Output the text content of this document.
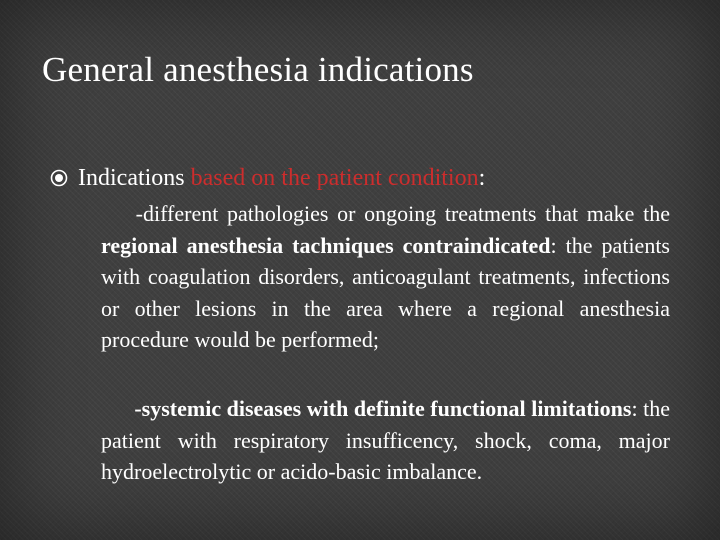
General anesthesia indications
Indications based on the patient condition:

-different pathologies or ongoing treatments that make the regional anesthesia tachniques contraindicated: the patients with coagulation disorders, anticoagulant treatments, infections or other lesions in the area where a regional anesthesia procedure would be performed;

-systemic diseases with definite functional limitations: the patient with respiratory insufficency, shock, coma, major hydroelectrolytic or acido-basic imbalance.
